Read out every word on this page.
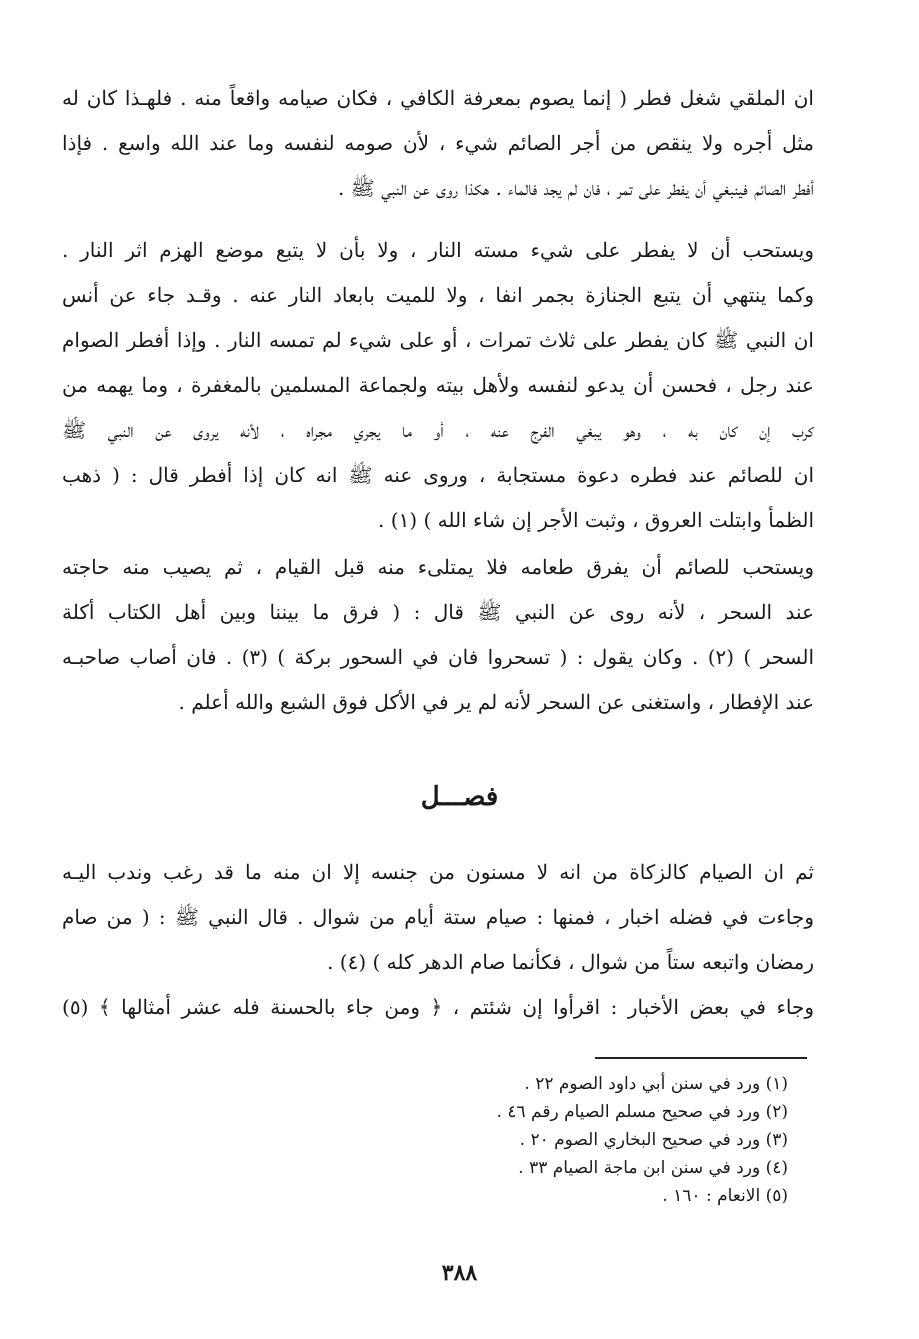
ان الملقي شغل فطر ( إنما يصوم بمعرفة الكافي ، فكان صيامه واقعاً منه . فلهـذا كان له
مثل أجره ولا ينقص من أجر الصائم شيء ، لأن صومه لنفسه وما عند الله واسع . فإذا
أفطر الصائم فينبغي أن يفطر على تمر ، فان لم يجد فالماء . هكذا روى عن النبي ﷺ .
ويستحب أن لا يفطر على شيء مسته النار ، ولا بأن لا يتبع موضع الهزم اثر النار .
وكما ينتهي أن يتبع الجنازة بجمر انفا ، ولا للميت بابعاد النار عنه . وقـد جاء عن أنس
ان النبي ﷺ كان يفطر على ثلاث تمرات ، أو على شيء لم تمسه النار . وإذا أفطر الصوام
عند رجل ، فحسن أن يدعو لنفسه ولأهل بيته ولجماعة المسلمين بالمغفرة ، وما يهمه من
كرب إن كان به ، وهو يبغي الفرج عنه ، أو ما يجري مجراه ، لأنه يروى عن النبي ﷺ
ان للصائم عند فطره دعوة مستجابة ، وروى عنه ﷺ انه كان إذا أفطر قال : ( ذهب
الظمأ وابتلت العروق ، وثبت الأجر إن شاء الله ) (١) .
ويستحب للصائم أن يفرق طعامه فلا يمتلىء منه قبل القيام ، ثم يصيب منه حاجته
عند السحر ، لأنه روى عن النبي ﷺ قال : ( فرق ما بيننا وبين أهل الكتاب أكلة
السحر ) (٢) . وكان يقول : ( تسحروا فان في السحور بركة ) (٣) . فان أصاب صاحبـه
عند الإفطار ، واستغنى عن السحر لأنه لم ير في الأكل فوق الشبع والله أعلم .
فصـــل
ثم ان الصيام كالزكاة من انه لا مسنون من جنسه إلا ان منه ما قد رغب وندب اليـه
وجاءت في فضله اخبار ، فمنها : صيام ستة أيام من شوال . قال النبي ﷺ : ( من صام
رمضان واتبعه ستاً من شوال ، فكأنما صام الدهر كله ) (٤) .
وجاء في بعض الأخبار : اقرأوا إن شئتم ، ﴿ ومن جاء بالحسنة فله عشر أمثالها ﴾ (٥)
(١) ورد في سنن أبي داود الصوم ٢٢ .
(٢) ورد في صحيح مسلم الصيام رقم ٤٦ .
(٣) ورد في صحيح البخاري الصوم ٢٠ .
(٤) ورد في سنن ابن ماجة الصيام ٣٣ .
(٥) الانعام : ١٦٠ .
٣٨٨
